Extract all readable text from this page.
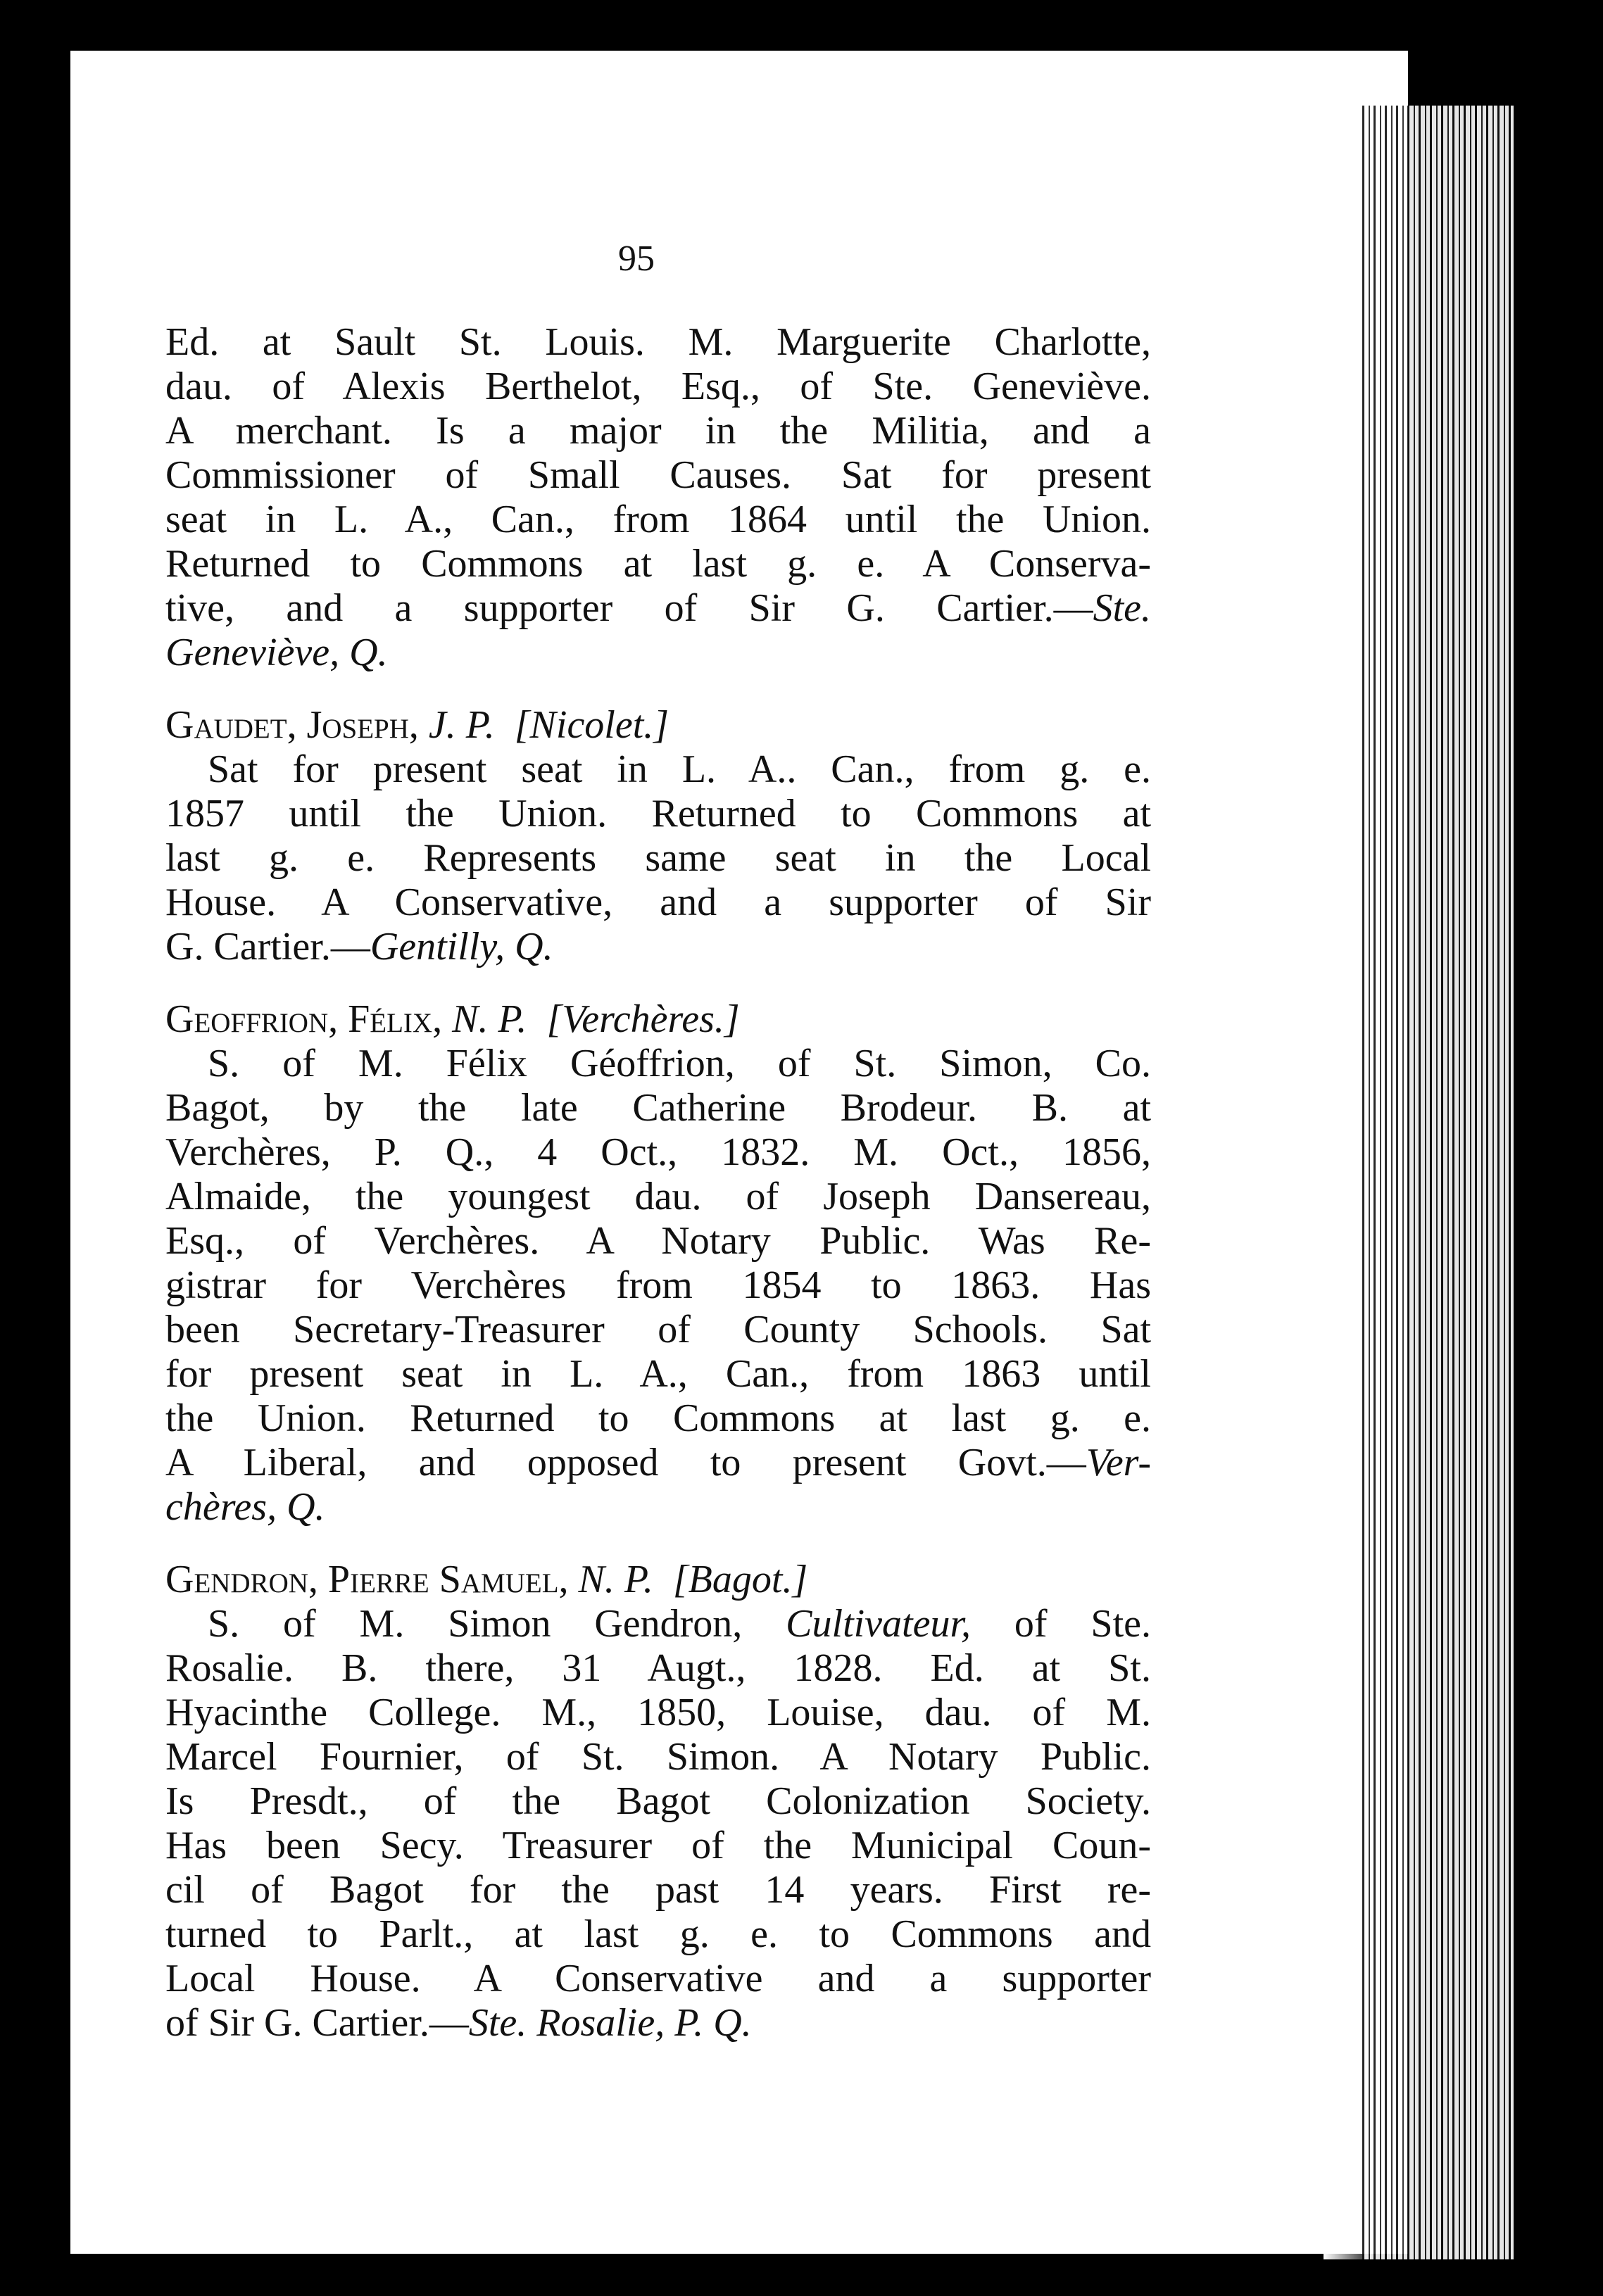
95
Ed. at Sault St. Louis. M. Marguerite Charlotte,
dau. of Alexis Berthelot, Esq., of Ste. Geneviève.
A merchant. Is a major in the Militia, and a
Commissioner of Small Causes. Sat for present
seat in L. A., Can., from 1864 until the Union.
Returned to Commons at last g. e. A Conserva-
tive, and a supporter of Sir G. Cartier.—Ste.
Geneviève, Q.
Gaudet, Joseph, J. P. [Nicolet.]
Sat for present seat in L. A.. Can., from g. e.
1857 until the Union. Returned to Commons at
last g. e. Represents same seat in the Local
House. A Conservative, and a supporter of Sir
G. Cartier.—Gentilly, Q.
Geoffrion, Félix, N. P. [Verchères.]
S. of M. Félix Géoffrion, of St. Simon, Co.
Bagot, by the late Catherine Brodeur. B. at
Verchères, P. Q., 4 Oct., 1832. M. Oct., 1856,
Almaide, the youngest dau. of Joseph Dansereau,
Esq., of Verchères. A Notary Public. Was Re-
gistrar for Verchères from 1854 to 1863. Has
been Secretary-Treasurer of County Schools. Sat
for present seat in L. A., Can., from 1863 until
the Union. Returned to Commons at last g. e.
A Liberal, and opposed to present Govt.—Ver-
chères, Q.
Gendron, Pierre Samuel, N. P. [Bagot.]
S. of M. Simon Gendron, Cultivateur, of Ste.
Rosalie. B. there, 31 Augt., 1828. Ed. at St.
Hyacinthe College. M., 1850, Louise, dau. of M.
Marcel Fournier, of St. Simon. A Notary Public.
Is Presdt., of the Bagot Colonization Society.
Has been Secy. Treasurer of the Municipal Coun-
cil of Bagot for the past 14 years. First re-
turned to Parlt., at last g. e. to Commons and
Local House. A Conservative and a supporter
of Sir G. Cartier.—Ste. Rosalie, P. Q.
